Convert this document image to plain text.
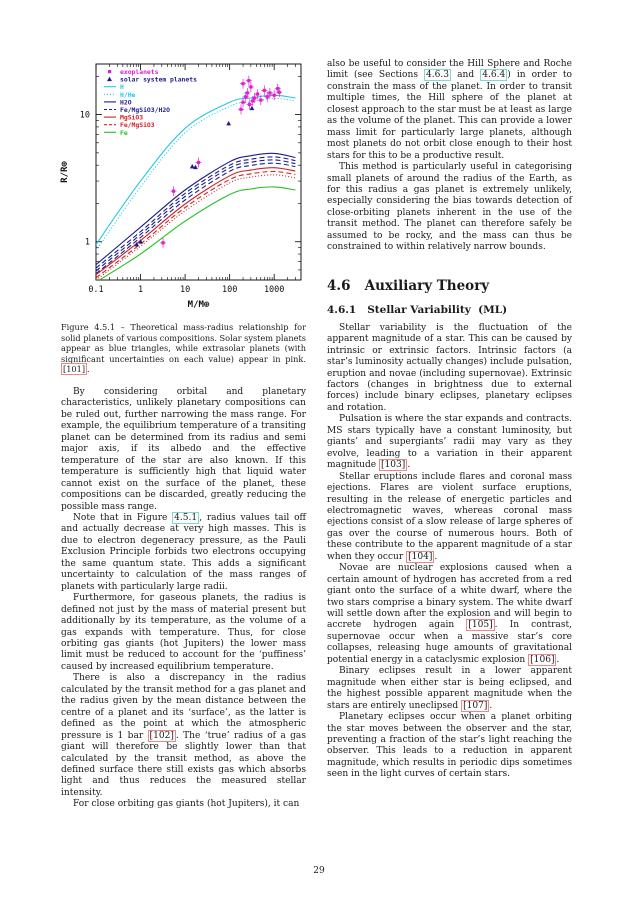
0.1	1	10	100	1000
1
10
M/M⊕
R/R⊕
exoplanets
solar system planets
H
H/He
H2O
Fe/MgSiO3/H2O
MgSiO3
Fe/MgSiO3
Fe

Figure 4.5.1 – Theoretical mass-radius relationship for solid planets of various compositions. Solar system planets appear as blue triangles, while extrasolar planets (with significant uncertainties on each value) appear in pink. [101] .

By considering orbital and planetary characteristics, unlikely planetary compositions can be ruled out, further narrowing the mass range. For example, the equilibrium temperature of a transiting planet can be determined from its radius and semi major axis, if its albedo and the effective temperature of the star are also known. If this temperature is sufficiently high that liquid water cannot exist on the surface of the planet, these compositions can be discarded, greatly reducing the possible mass range.

Note that in Figure 4.5.1 , radius values tail off and actually decrease at very high masses. This is due to electron degeneracy pressure, as the Pauli Exclusion Principle forbids two electrons occupying the same quantum state. This adds a significant uncertainty to calculation of the mass ranges of planets with particularly large radii.

Furthermore, for gaseous planets, the radius is defined not just by the mass of material present but additionally by its temperature, as the volume of a gas expands with temperature. Thus, for close orbiting gas giants (hot Jupiters) the lower mass limit must be reduced to account for the ‘puffiness’ caused by increased equilibrium temperature.

There is also a discrepancy in the radius calculated by the transit method for a gas planet and the radius given by the mean distance between the centre of a planet and its ‘surface’, as the latter is defined as the point at which the atmospheric pressure is 1 bar [102] . The ‘true’ radius of a gas giant will therefore be slightly lower than that calculated by the transit method, as above the defined surface there still exists gas which absorbs light and thus reduces the measured stellar intensity.

For close orbiting gas giants (hot Jupiters), it can

also be useful to consider the Hill Sphere and Roche limit (see Sections 4.6.3 and 4.6.4 ) in order to constrain the mass of the planet. In order to transit multiple times, the Hill sphere of the planet at closest approach to the star must be at least as large as the volume of the planet. This can provide a lower mass limit for particularly large planets, although most planets do not orbit close enough to their host stars for this to be a productive result.

This method is particularly useful in categorising small planets of around the radius of the Earth, as for this radius a gas planet is extremely unlikely, especially considering the bias towards detection of close-orbiting planets inherent in the use of the transit method. The planet can therefore safely be assumed to be rocky, and the mass can thus be constrained to within relatively narrow bounds.

4.6 Auxiliary Theory
4.6.1 Stellar Variability (ML)

Stellar variability is the fluctuation of the apparent magnitude of a star. This can be caused by intrinsic or extrinsic factors. Intrinsic factors (a star’s luminosity actually changes) include pulsation, eruption and novae (including supernovae). Extrinsic factors (changes in brightness due to external forces) include binary eclipses, planetary eclipses and rotation.

Pulsation is where the star expands and contracts. MS stars typically have a constant luminosity, but giants’ and supergiants’ radii may vary as they evolve, leading to a variation in their apparent magnitude [103] .

Stellar eruptions include flares and coronal mass ejections. Flares are violent surface eruptions, resulting in the release of energetic particles and electromagnetic waves, whereas coronal mass ejections consist of a slow release of large spheres of gas over the course of numerous hours. Both of these contribute to the apparent magnitude of a star when they occur [104] .

Novae are nuclear explosions caused when a certain amount of hydrogen has accreted from a red giant onto the surface of a white dwarf, where the two stars comprise a binary system. The white dwarf will settle down after the explosion and will begin to accrete hydrogen again [105] . In contrast, supernovae occur when a massive star’s core collapses, releasing huge amounts of gravitational potential energy in a cataclysmic explosion [106] .

Binary eclipses result in a lower apparent magnitude when either star is being eclipsed, and the highest possible apparent magnitude when the stars are entirely uneclipsed [107] .

Planetary eclipses occur when a planet orbiting the star moves between the observer and the star, preventing a fraction of the star’s light reaching the observer. This leads to a reduction in apparent magnitude, which results in periodic dips sometimes seen in the light curves of certain stars.

29
